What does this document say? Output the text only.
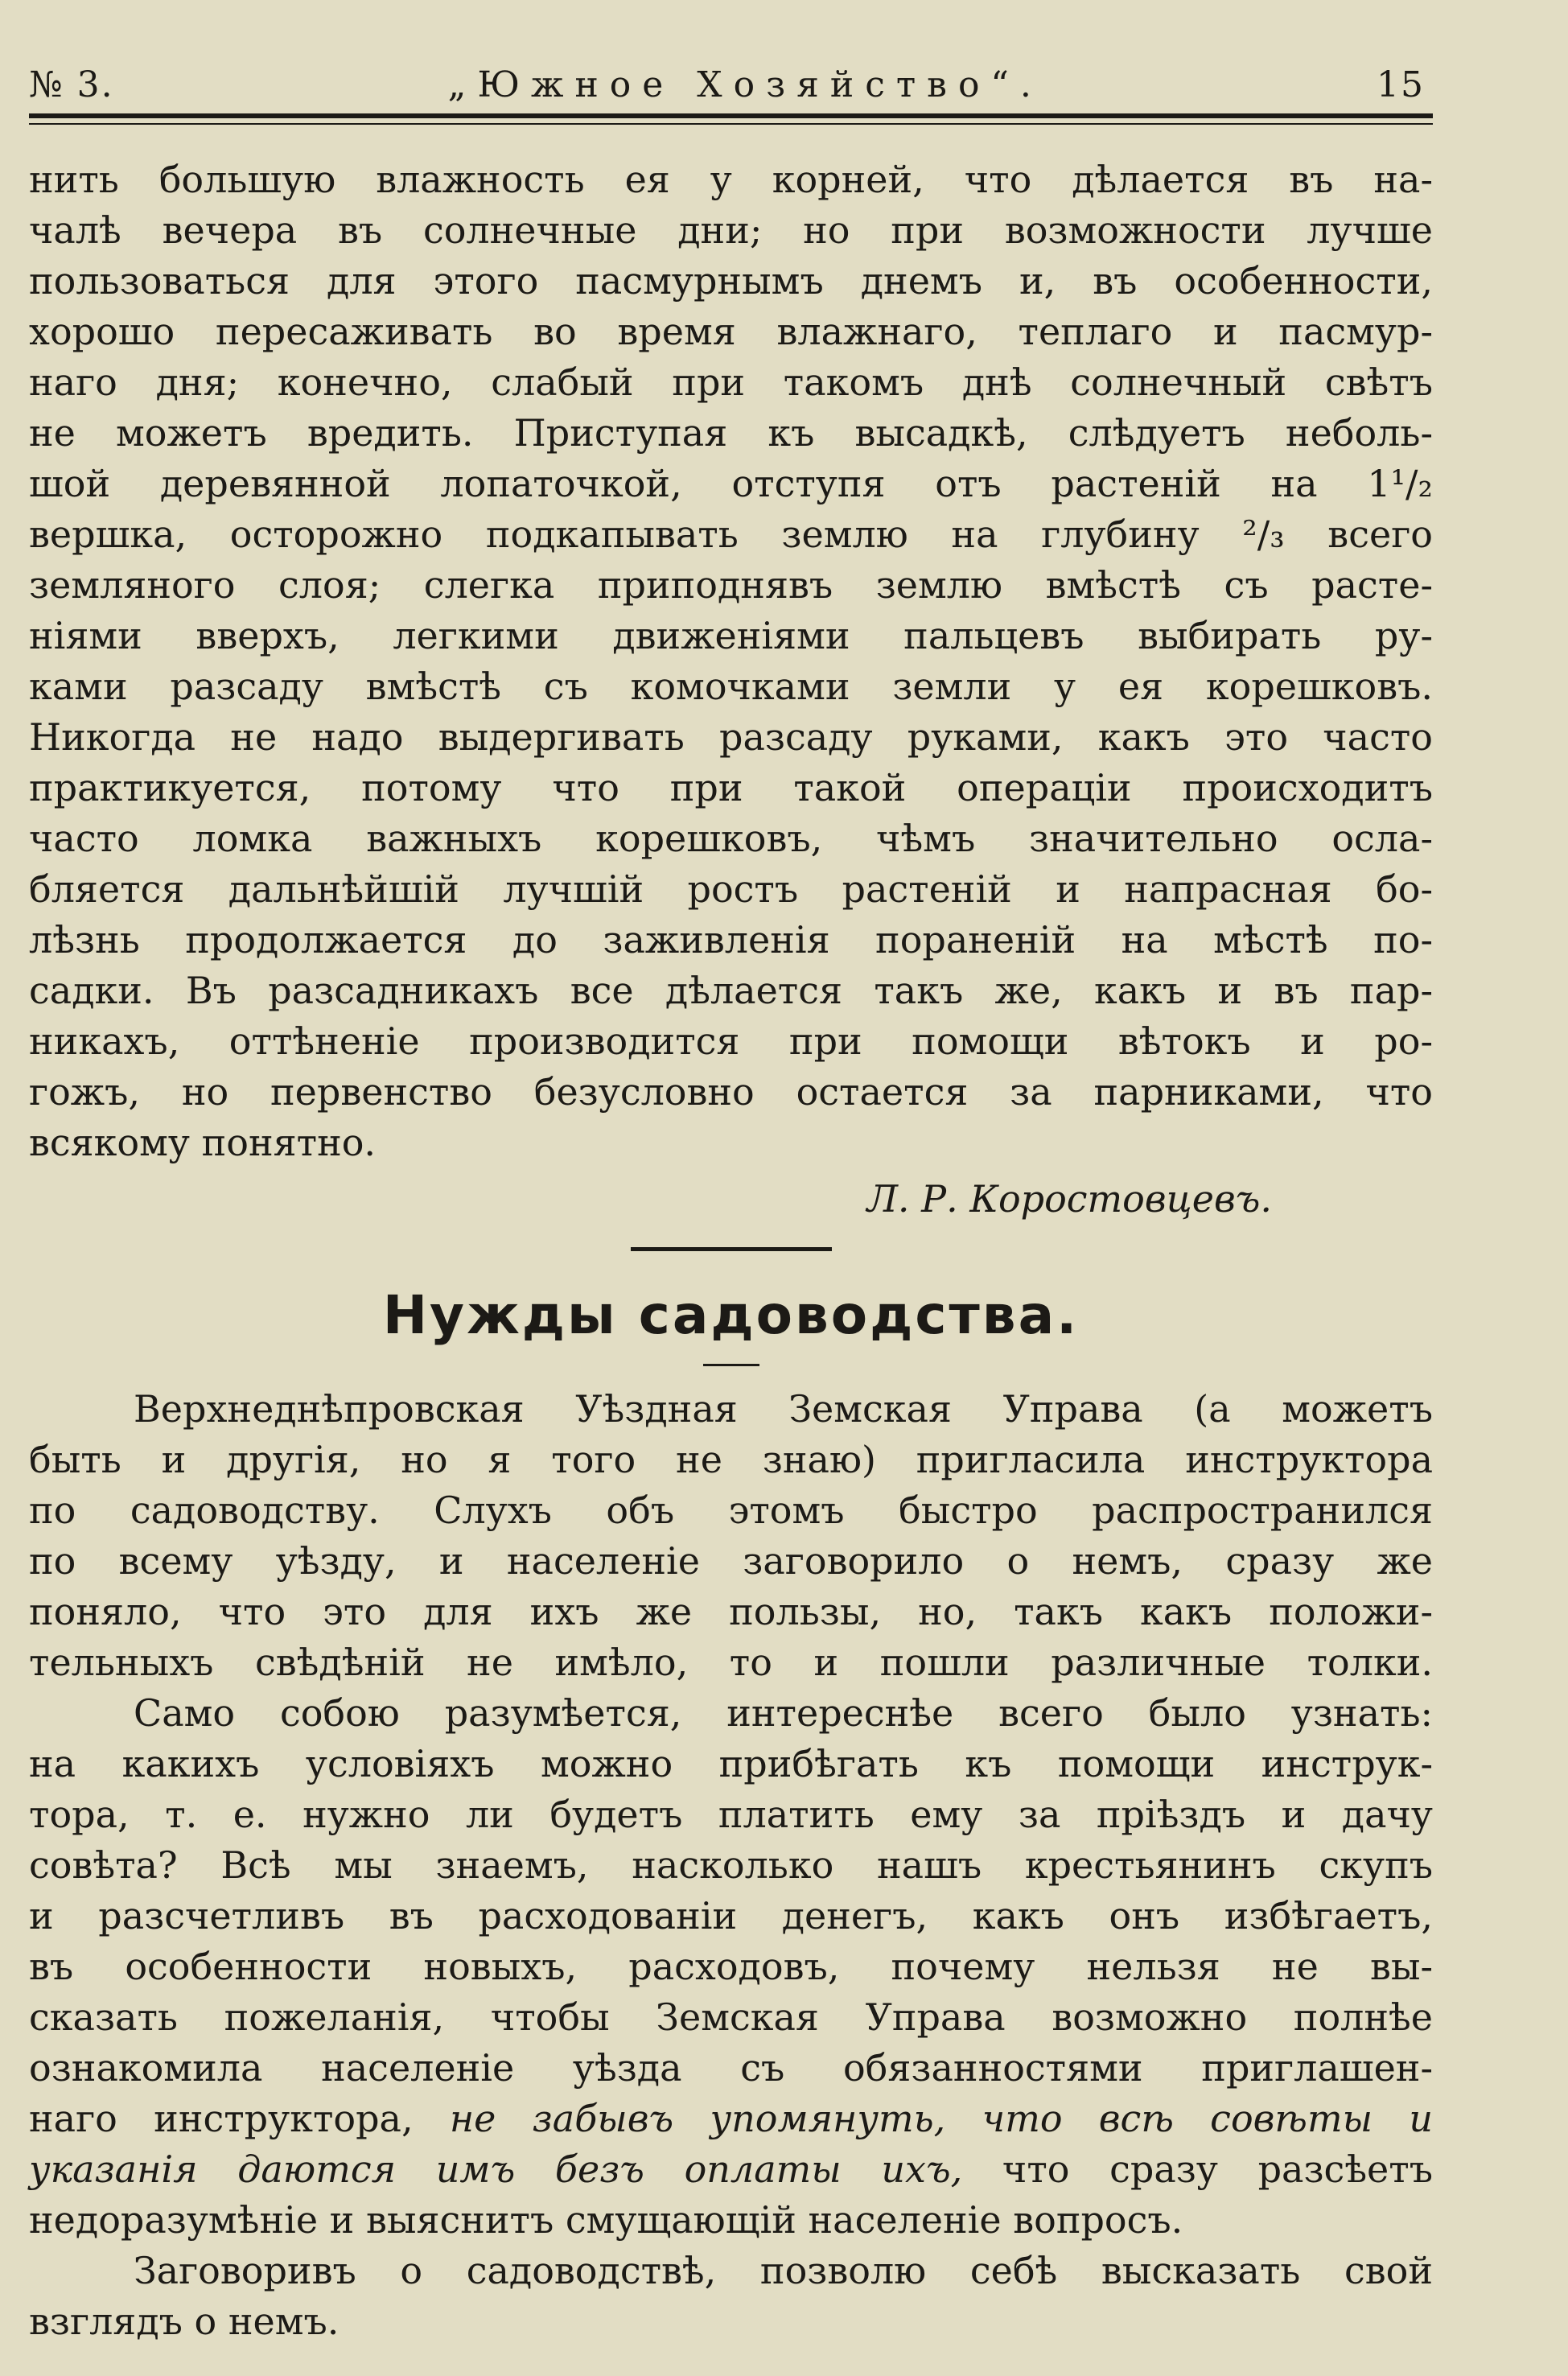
№ 3.	„Южное Хозяйство“.	15
нить большую влажность ея у корней, что дѣлается въ на-
чалѣ вечера въ солнечные дни; но при возможности лучше
пользоваться для этого пасмурнымъ днемъ и, въ особенности,
хорошо пересаживать во время влажнаго, теплаго и пасмур-
наго дня; конечно, слабый при такомъ днѣ солнечный свѣтъ
не можетъ вредить. Приступая къ высадкѣ, слѣдуетъ неболь-
шой деревянной лопаточкой, отступя отъ растеній на 1¹/₂
вершка, осторожно подкапывать землю на глубину ²/₃ всего
земляного слоя; слегка приподнявъ землю вмѣстѣ съ расте-
ніями вверхъ, легкими движеніями пальцевъ выбирать ру-
ками разсаду вмѣстѣ съ комочками земли у ея корешковъ.
Никогда не надо выдергивать разсаду руками, какъ это часто
практикуется, потому что при такой операціи происходитъ
часто ломка важныхъ корешковъ, чѣмъ значительно осла-
бляется дальнѣйшій лучшій ростъ растеній и напрасная бо-
лѣзнь продолжается до заживленія пораненій на мѣстѣ по-
садки. Въ разсадникахъ все дѣлается такъ же, какъ и въ пар-
никахъ, оттѣненіе производится при помощи вѣтокъ и ро-
гожъ, но первенство безусловно остается за парниками, что
всякому понятно.
Л. Р. Коростовцевъ.
Нужды садоводства.
Верхнеднѣпровская Уѣздная Земская Управа (а можетъ
быть и другія, но я того не знаю) пригласила инструктора
по садоводству. Слухъ объ этомъ быстро распространился
по всему уѣзду, и населеніе заговорило о немъ, сразу же
поняло, что это для ихъ же пользы, но, такъ какъ положи-
тельныхъ свѣдѣній не имѣло, то и пошли различные толки.
Само собою разумѣется, интереснѣе всего было узнать:
на какихъ условіяхъ можно прибѣгать къ помощи инструк-
тора, т. е. нужно ли будетъ платить ему за пріѣздъ и дачу
совѣта? Всѣ мы знаемъ, насколько нашъ крестьянинъ скупъ
и разсчетливъ въ расходованіи денегъ, какъ онъ избѣгаетъ,
въ особенности новыхъ, расходовъ, почему нельзя не вы-
сказать пожеланія, чтобы Земская Управа возможно полнѣе
ознакомила населеніе уѣзда съ обязанностями приглашен-
наго инструктора, не забывъ упомянуть, что всѣ совѣты и
указанія даются имъ безъ оплаты ихъ, что сразу разсѣетъ
недоразумѣніе и выяснитъ смущающій населеніе вопросъ.
Заговоривъ о садоводствѣ, позволю себѣ высказать свой
взглядъ о немъ.
